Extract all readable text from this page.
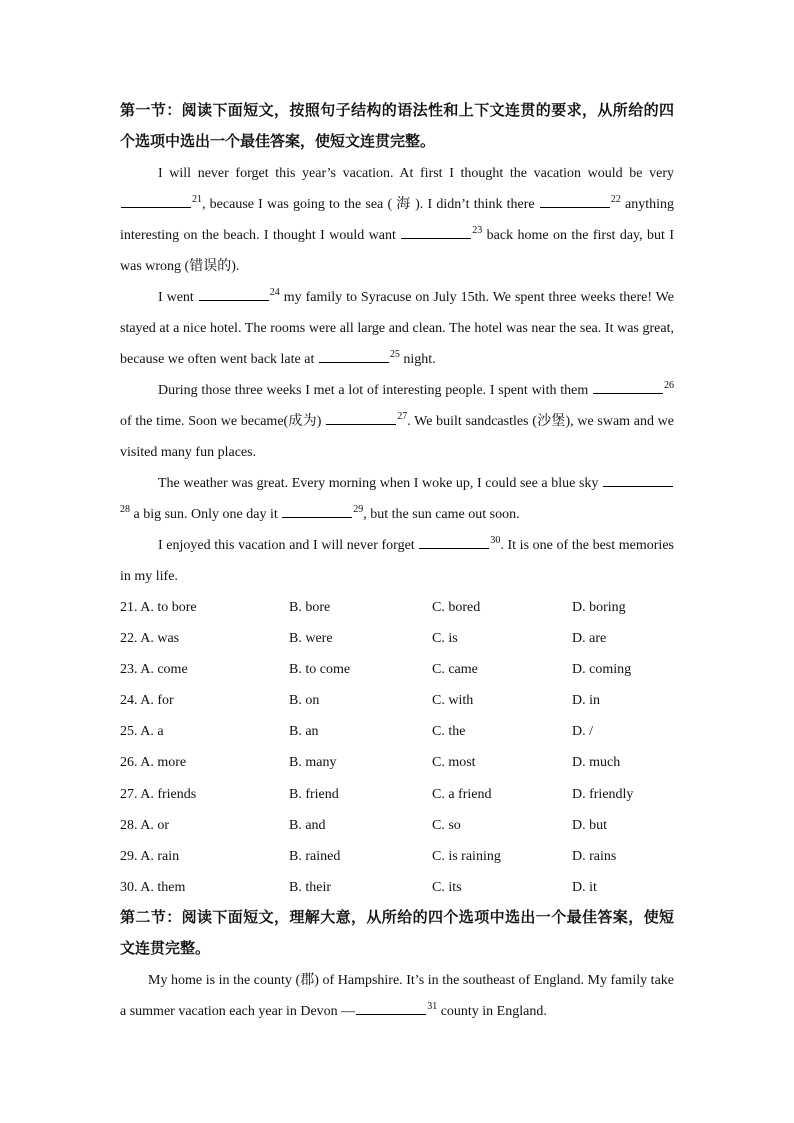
第一节：阅读下面短文，按照句子结构的语法性和上下文连贯的要求，从所给的四个选项中选出一个最佳答案，使短文连贯完整。
I will never forget this year’s vacation. At first I thought the vacation would be very $^{21}$, because I was going to the sea ( 海 ). I didn’t think there	$^{22}$ anything interesting on the beach. I thought I would want	$^{23}$ back home on the first day, but I was wrong (错误的).
I went	$^{24}$ my family to Syracuse on July 15th. We spent three weeks there! We stayed at a nice hotel. The rooms were all large and clean. The hotel was near the sea. It was great, because we often went back late at	$^{25}$ night.
During those three weeks I met a lot of interesting people. I spent with them	$^{26}$ of the time. Soon we became(成为)	$^{27}$. We built sandcastles (沙堡), we swam and we visited many fun places.
The weather was great. Every morning when I woke up, I could see a blue sky $^{28}$ a big sun. Only one day it	$^{29}$, but the sun came out soon.
I enjoyed this vacation and I will never forget	$^{30}$. It is one of the best memories in my life.
21. A. to bore	B. bore	C. bored	D. boring
22. A. was	B. were	C. is	D. are
23. A. come	B. to come	C. came	D. coming
24. A. for	B. on	C. with	D. in
25. A. a	B. an	C. the	D. /
26. A. more	B. many	C. most	D. much
27. A. friends	B. friend	C. a friend	D. friendly
28. A. or	B. and	C. so	D. but
29. A. rain	B. rained	C. is raining	D. rains
30. A. them	B. their	C. its	D. it
第二节：阅读下面短文，理解大意，从所给的四个选项中选出一个最佳答案，使短文连贯完整。
My home is in the county (郡) of Hampshire. It’s in the southeast of England. My family take a summer vacation each year in Devon —	$^{31}$ county in England.
